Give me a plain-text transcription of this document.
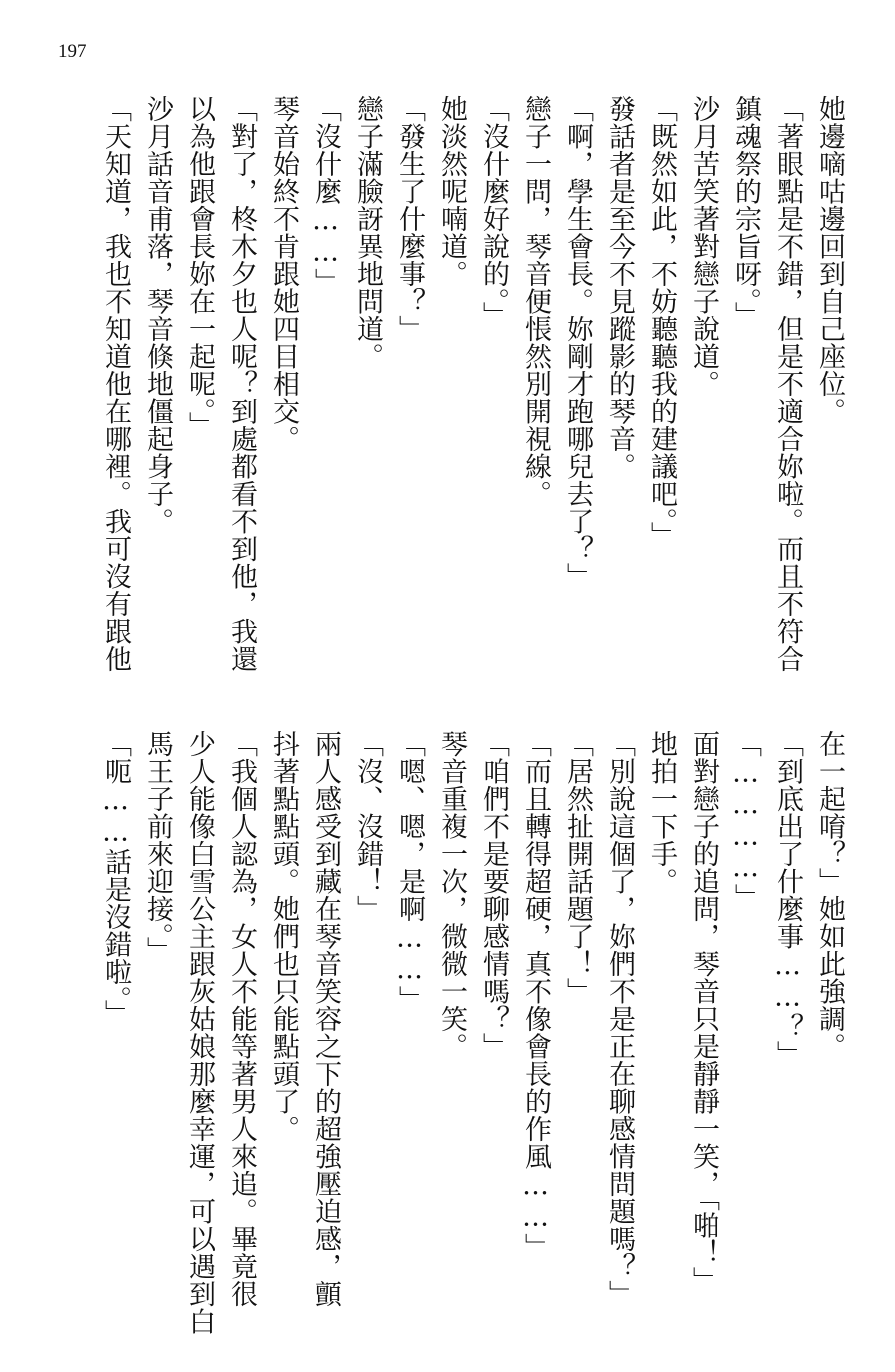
197
她邊嘀咕邊回到自己座位。
「著眼點是不錯，但是不適合妳啦。而且不符合
鎮魂祭的宗旨呀。」
沙月苦笑著對戀子說道。
「既然如此，不妨聽聽我的建議吧。」
發話者是至今不見蹤影的琴音。
「啊，學生會長。妳剛才跑哪兒去了？」
戀子一問，琴音便悵然別開視線。
「沒什麼好說的。」
她淡然呢喃道。
「發生了什麼事？」
戀子滿臉訝異地問道。
「沒什麼……」
琴音始終不肯跟她四目相交。
「對了，柊木夕也人呢？到處都看不到他，我還
以為他跟會長妳在一起呢。」
沙月話音甫落，琴音倏地僵起身子。
「天知道，我也不知道他在哪裡。我可沒有跟他
在一起唷？」她如此強調。
「到底出了什麼事……？」
「…………」
面對戀子的追問，琴音只是靜靜一笑，「啪！」
地拍一下手。
「別說這個了，妳們不是正在聊感情問題嗎？」
「居然扯開話題了！」
「而且轉得超硬，真不像會長的作風……」
「咱們不是要聊感情嗎？」
琴音重複一次，微微一笑。
「嗯、嗯，是啊……」
「沒、沒錯！」
兩人感受到藏在琴音笑容之下的超強壓迫感，顫
抖著點點頭。她們也只能點頭了。
「我個人認為，女人不能等著男人來追。畢竟很
少人能像白雪公主跟灰姑娘那麼幸運，可以遇到白
馬王子前來迎接。」
「呃……話是沒錯啦。」
